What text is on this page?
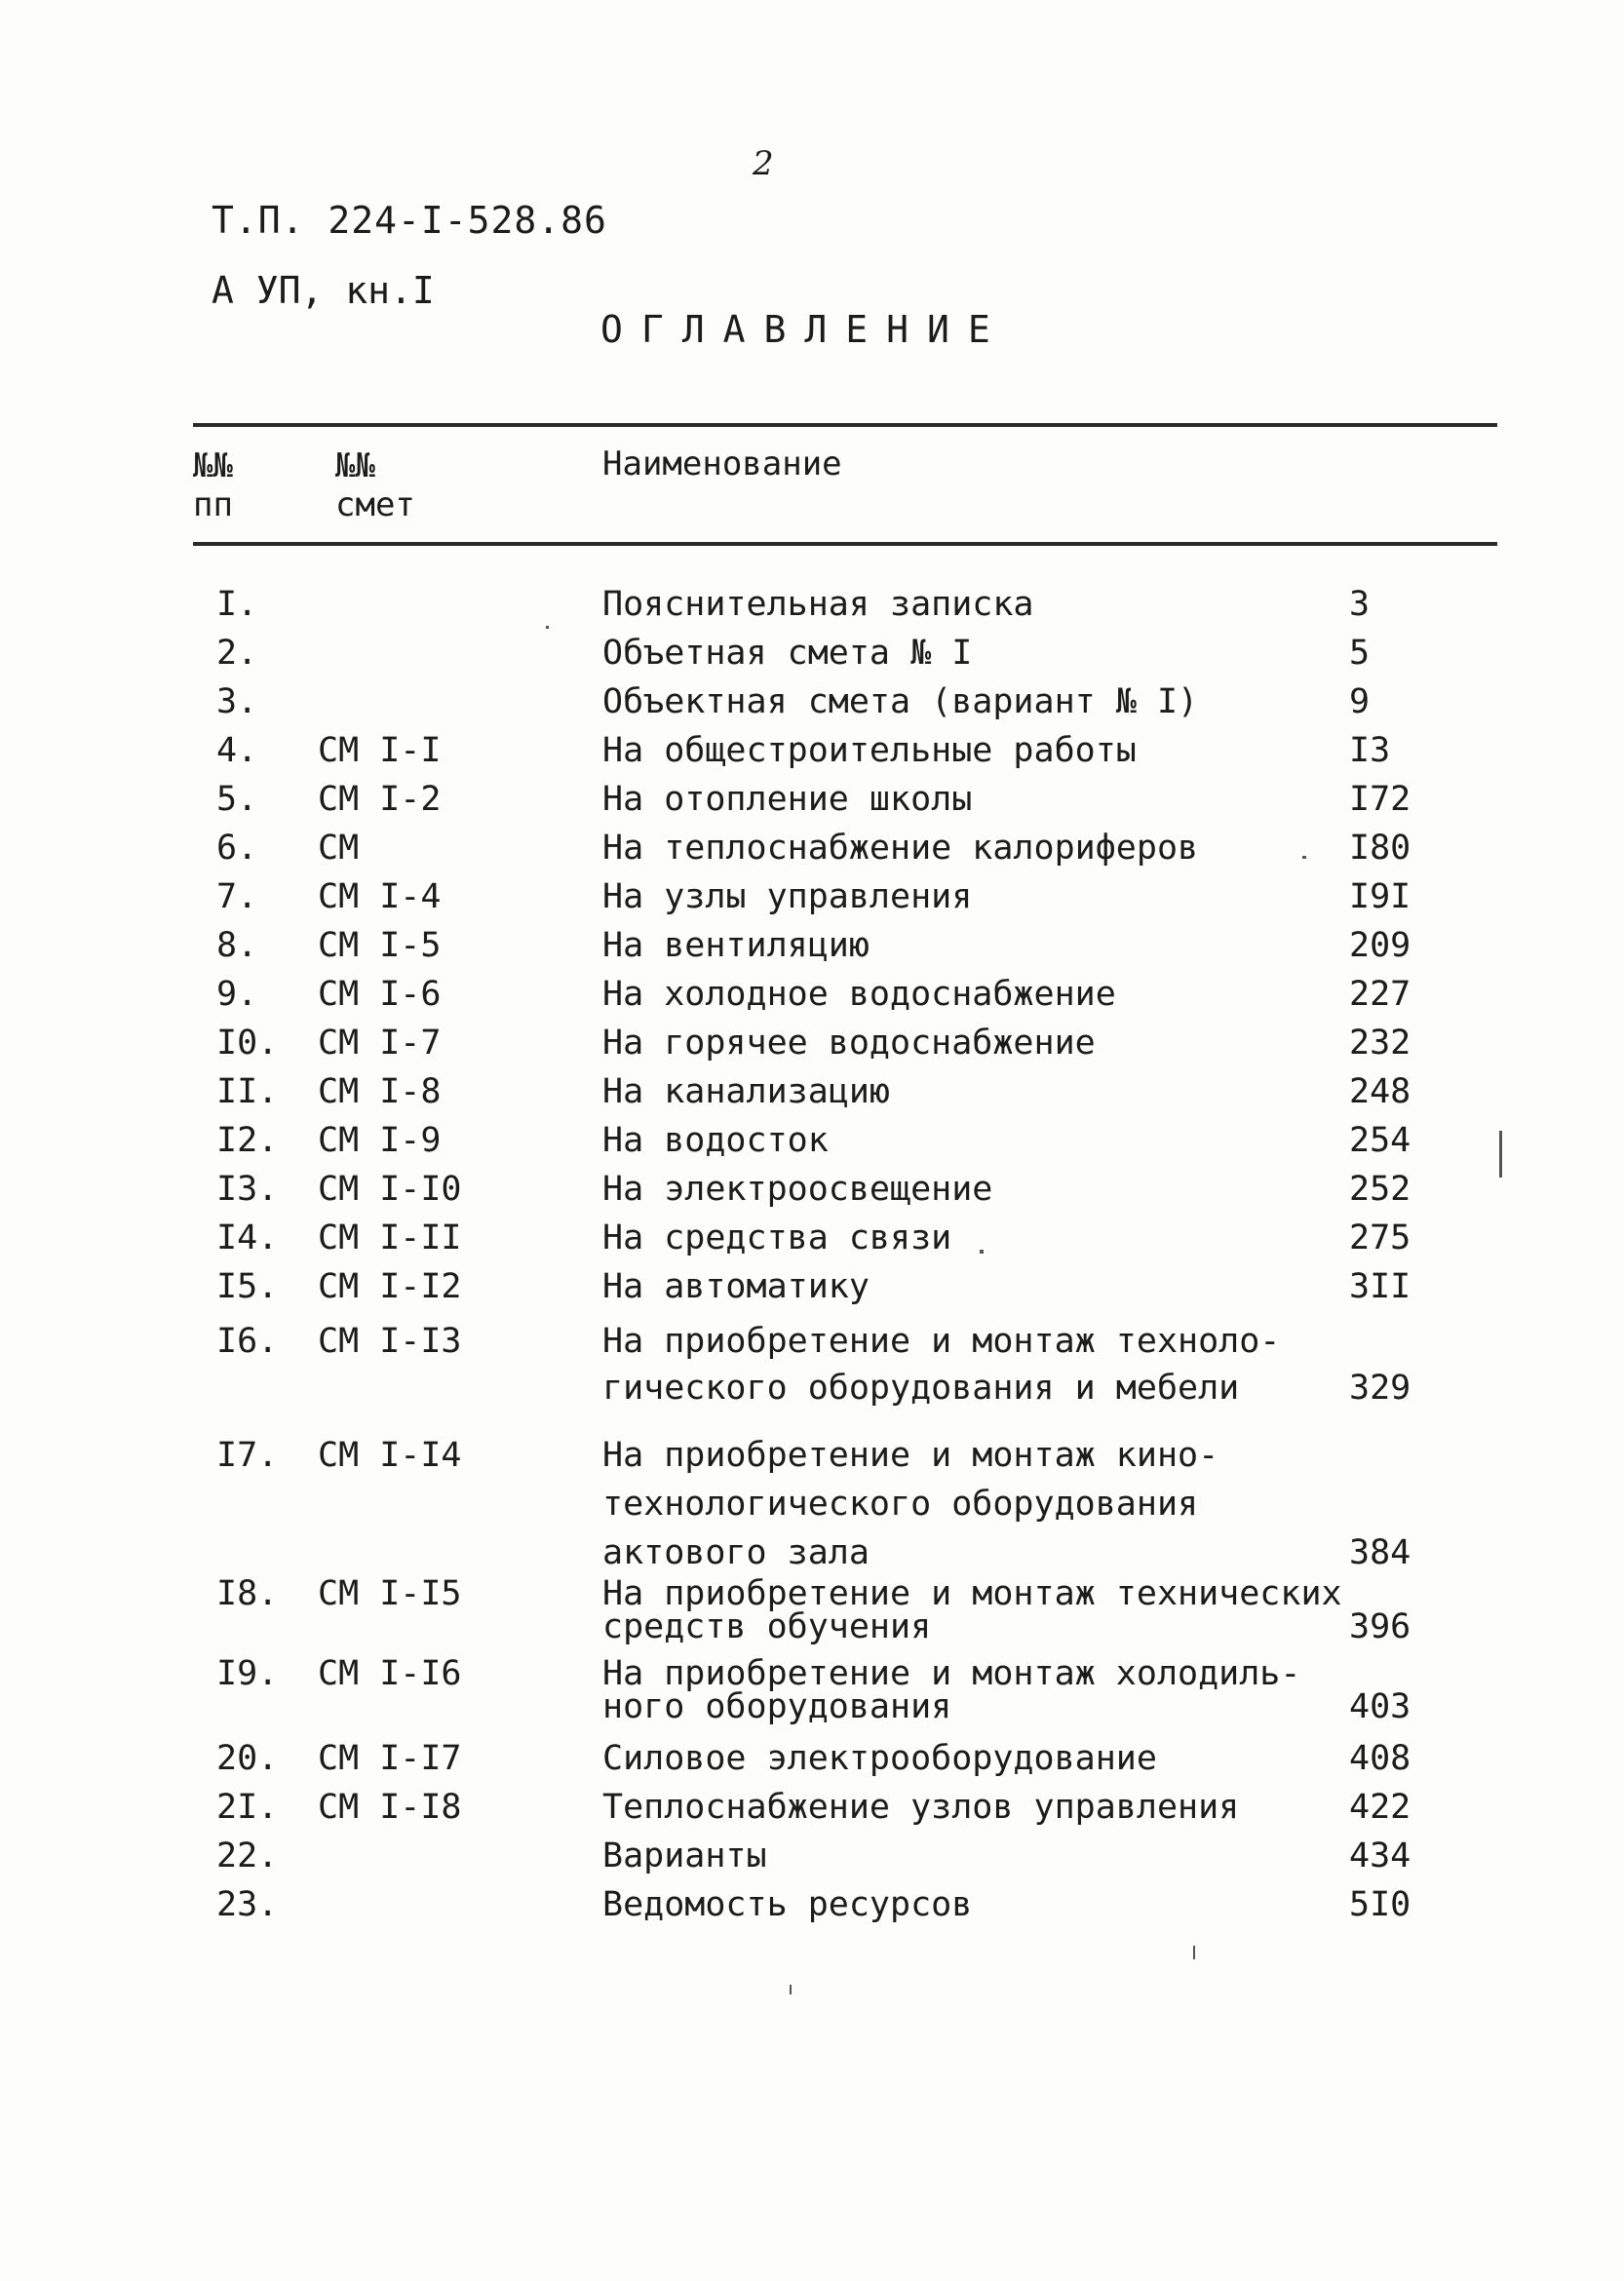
2
Т.П. 224-I-528.86
А УП, кн.I
ОГЛАВЛЕНИЕ
№№
пп
№№
смет
Наименование
I.	Пояснительная записка	3
2.	Объетная смета № I	5
3.	Объектная смета (вариант № I)	9
4. СМ I-I	На общестроительные работы	I3
5. СМ I-2	На отопление школы	I72
6. СМ	На теплоснабжение калориферов	I80
7. СМ I-4	На узлы управления	I9I
8. СМ I-5	На вентиляцию	209
9. СМ I-6	На холодное водоснабжение	227
I0. СМ I-7	На горячее водоснабжение	232
II. СМ I-8	На канализацию	248
I2. СМ I-9	На водосток	254
I3. СМ I-I0	На электроосвещение	252
I4. СМ I-II	На средства связи	275
I5. СМ I-I2	На автоматику	3II
I6. СМ I-I3	На приобретение и монтаж техноло-
гического оборудования и мебели	329
I7. СМ I-I4	На приобретение и монтаж кино-
технологического оборудования
актового зала	384
I8. СМ I-I5	На приобретение и монтаж технических
средств обучения	396
I9. СМ I-I6	На приобретение и монтаж холодиль-
ного оборудования	403
20. СМ I-I7	Силовое электрооборудование	408
2I. СМ I-I8	Теплоснабжение узлов управления	422
22.	Варианты	434
23.	Ведомость ресурсов	5I0
